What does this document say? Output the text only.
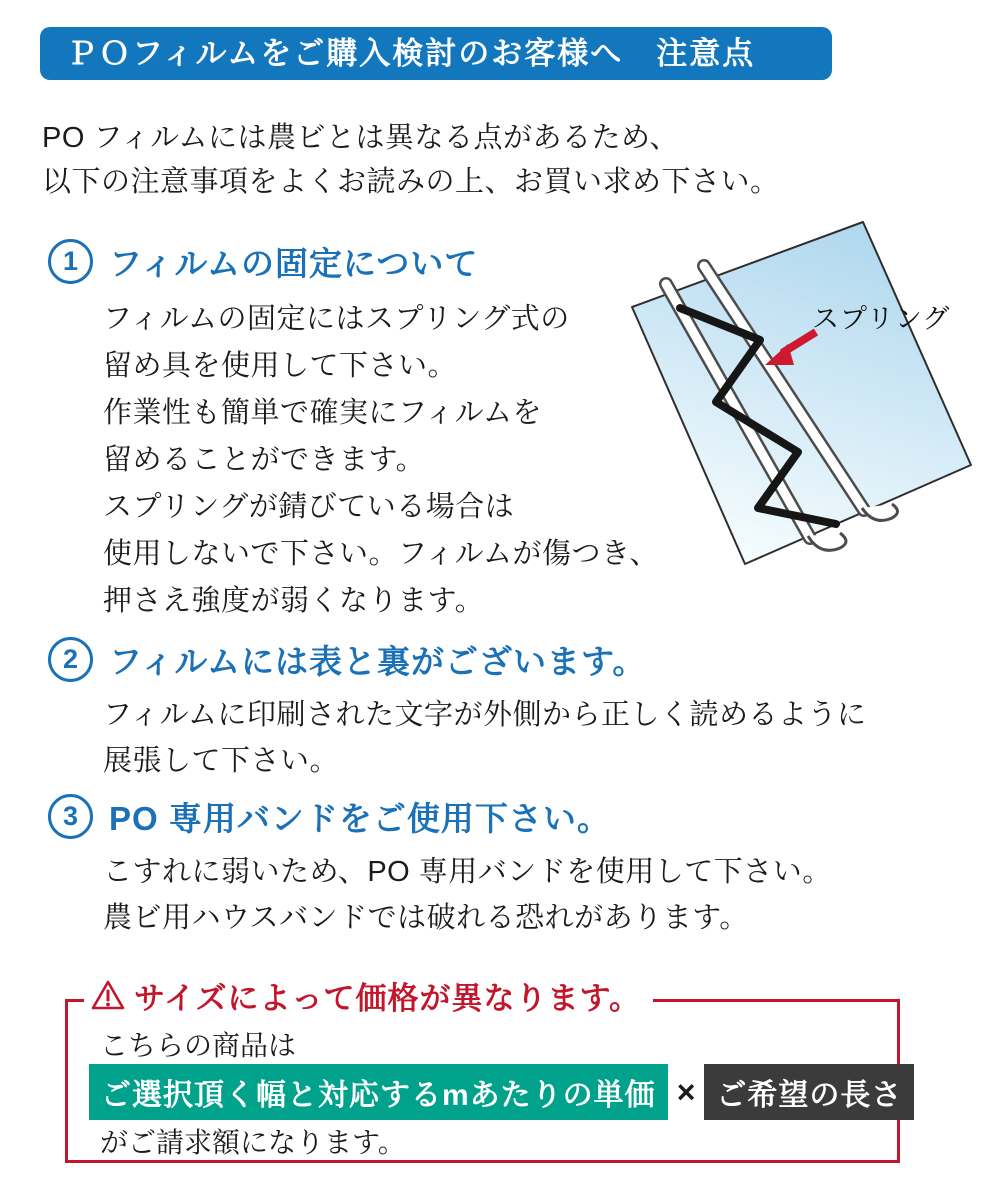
ＰＯフィルムをご購入検討のお客様へ　注意点
PO フィルムには農ビとは異なる点があるため、
以下の注意事項をよくお読みの上、お買い求め下さい。
1 フィルムの固定について
フィルムの固定にはスプリング式の
留め具を使用して下さい。
作業性も簡単で確実にフィルムを
留めることができます。
スプリングが錆びている場合は
使用しないで下さい。フィルムが傷つき、
押さえ強度が弱くなります。
スプリング
2 フィルムには表と裏がございます。
フィルムに印刷された文字が外側から正しく読めるように
展張して下さい。
3 PO 専用バンドをご使用下さい。
こすれに弱いため、PO 専用バンドを使用して下さい。
農ビ用ハウスバンドでは破れる恐れがあります。
サイズによって価格が異なります。
こちらの商品は
ご選択頂く幅と対応するmあたりの単価 × ご希望の長さ
がご請求額になります。
